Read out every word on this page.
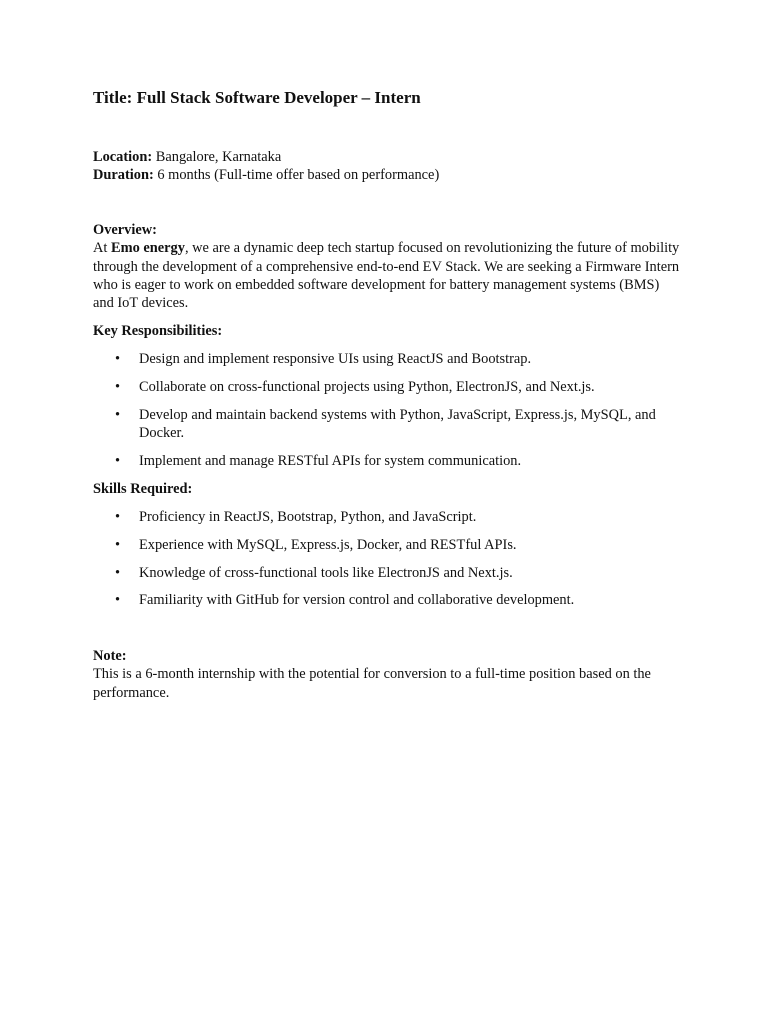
Title: Full Stack Software Developer – Intern

Location: Bangalore, Karnataka

Duration: 6 months (Full-time offer based on performance)

Overview:

At Emo energy, we are a dynamic deep tech startup focused on revolutionizing the future of mobility through the development of a comprehensive end-to-end EV Stack. We are seeking a Firmware Intern who is eager to work on embedded software development for battery management systems (BMS) and IoT devices.

Key Responsibilities:

• Design and implement responsive UIs using ReactJS and Bootstrap.
• Collaborate on cross-functional projects using Python, ElectronJS, and Next.js.
• Develop and maintain backend systems with Python, JavaScript, Express.js, MySQL, and Docker.
• Implement and manage RESTful APIs for system communication.

Skills Required:

• Proficiency in ReactJS, Bootstrap, Python, and JavaScript.
• Experience with MySQL, Express.js, Docker, and RESTful APIs.
• Knowledge of cross-functional tools like ElectronJS and Next.js.
• Familiarity with GitHub for version control and collaborative development.

Note:

This is a 6-month internship with the potential for conversion to a full-time position based on the performance.
